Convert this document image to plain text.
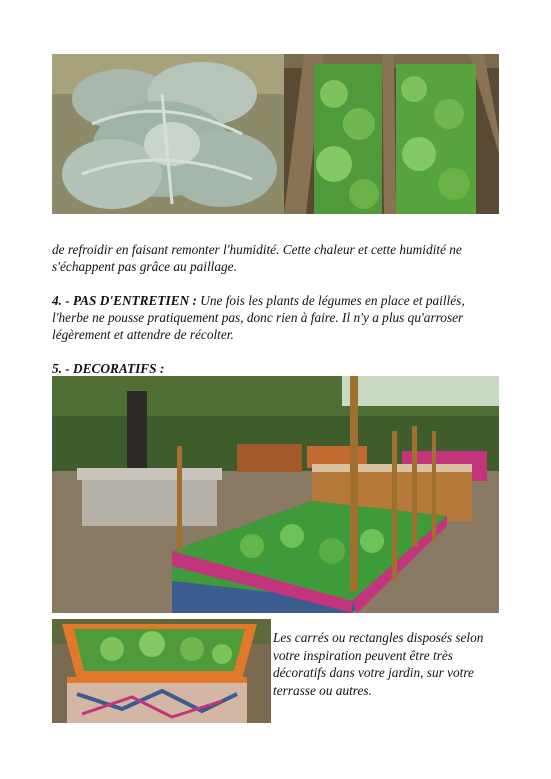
de refroidir en faisant remonter l'humidité. Cette chaleur et cette humidité ne s'échappent pas grâce au paillage.
4. - PAS D'ENTRETIEN : Une fois les plants de légumes en place et paillés, l'herbe ne pousse pratiquement pas, donc rien à faire. Il n'y a plus qu'arroser légèrement et attendre de récolter.
5. - DECORATIFS :
Les carrés ou rectangles disposés selon votre inspiration peuvent être très décoratifs dans votre jardin, sur votre terrasse ou autres.
